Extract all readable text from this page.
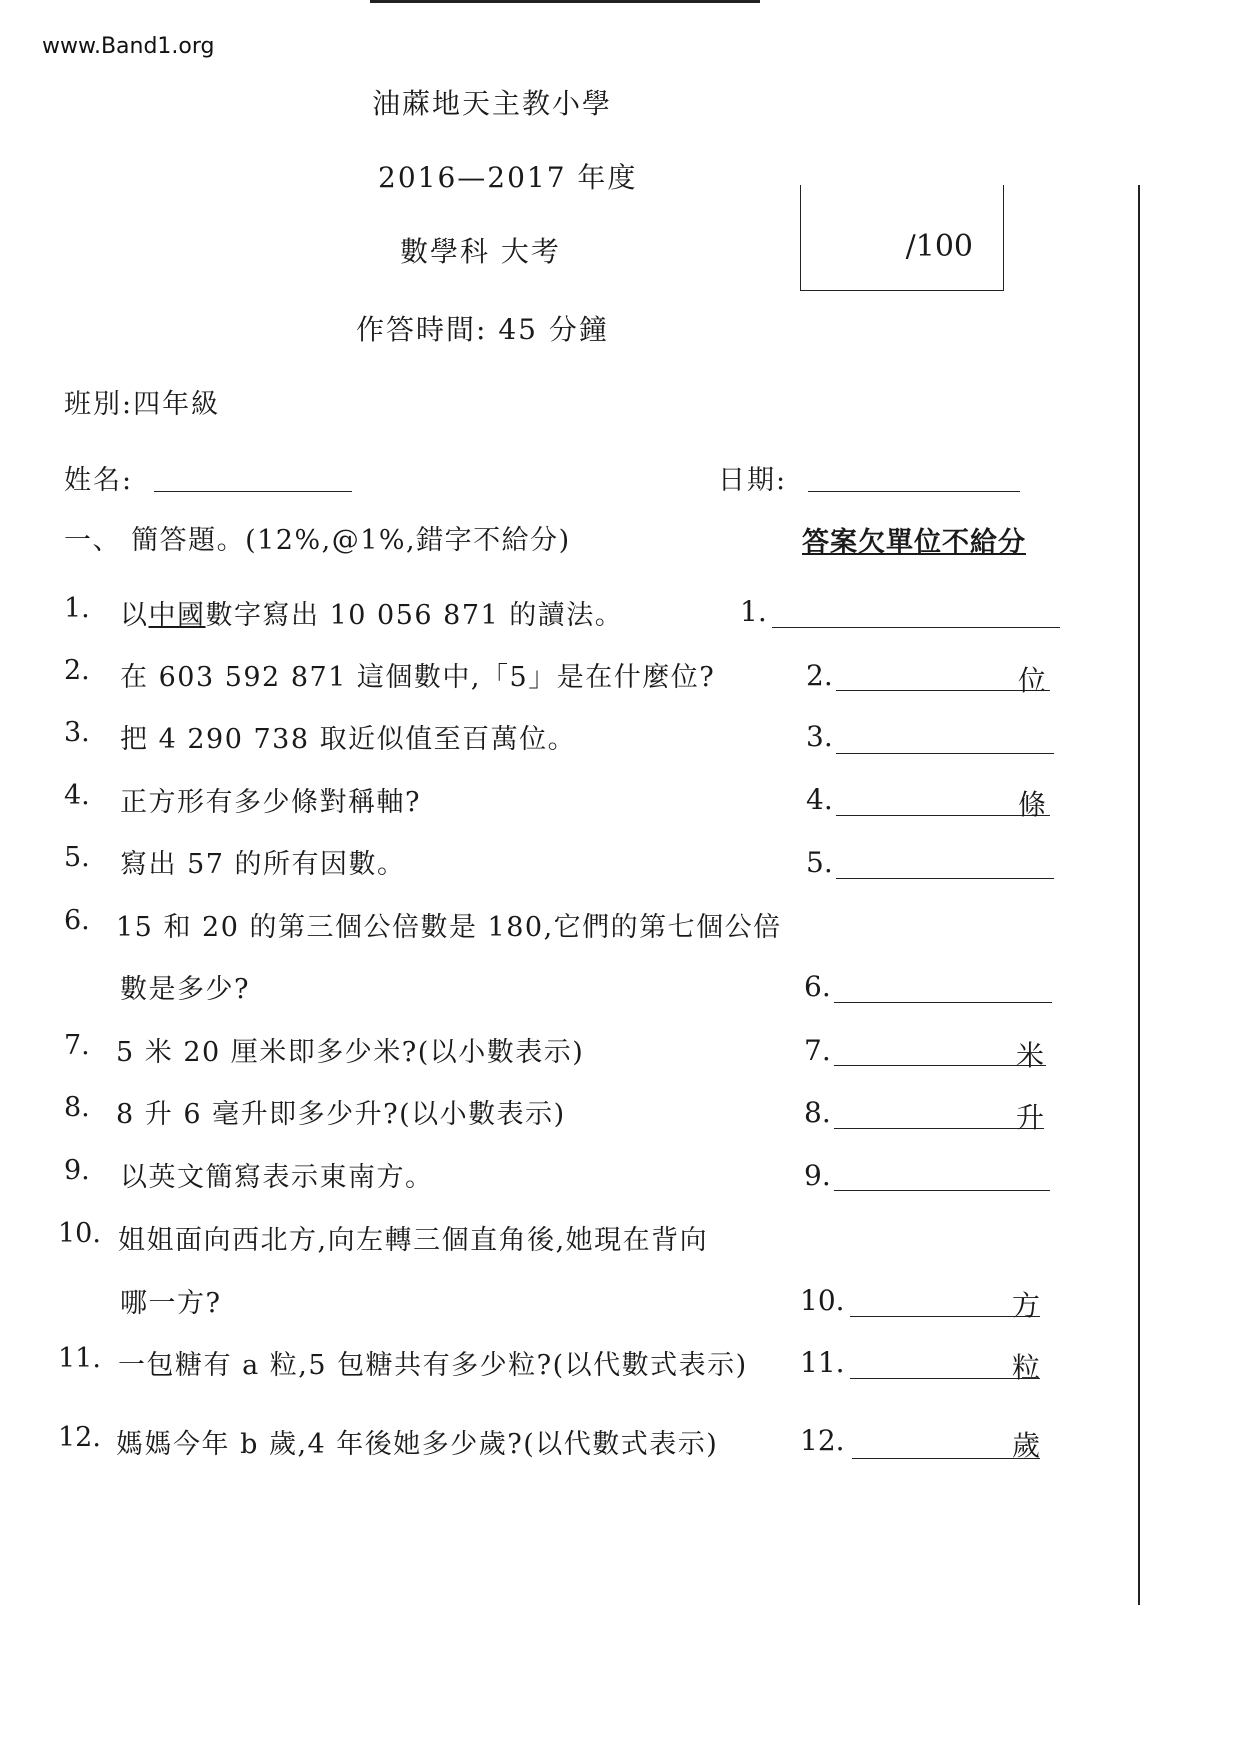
www.Band1.org
油蔴地天主教小學
2016—2017 年度
數學科 大考
作答時間: 45 分鐘
/100
班別:四年級
姓名:	日期:
一、 簡答題。(12%,@1%,錯字不給分)	答案欠單位不給分
1. 以中國數字寫出 10 056 871 的讀法。	1.
2. 在 603 592 871 這個數中,「5」是在什麼位?	2.	位
3. 把 4 290 738 取近似值至百萬位。	3.
4. 正方形有多少條對稱軸?	4.	條
5. 寫出 57 的所有因數。	5.
6. 15 和 20 的第三個公倍數是 180,它們的第七個公倍
數是多少?	6.
7. 5 米 20 厘米即多少米?(以小數表示)	7.	米
8. 8 升 6 毫升即多少升?(以小數表示)	8.	升
9. 以英文簡寫表示東南方。	9.
10. 姐姐面向西北方,向左轉三個直角後,她現在背向
哪一方?	10.	方
11. 一包糖有 a 粒,5 包糖共有多少粒?(以代數式表示) 11.	粒
12. 媽媽今年 b 歲,4 年後她多少歲?(以代數式表示)	12.	歲
